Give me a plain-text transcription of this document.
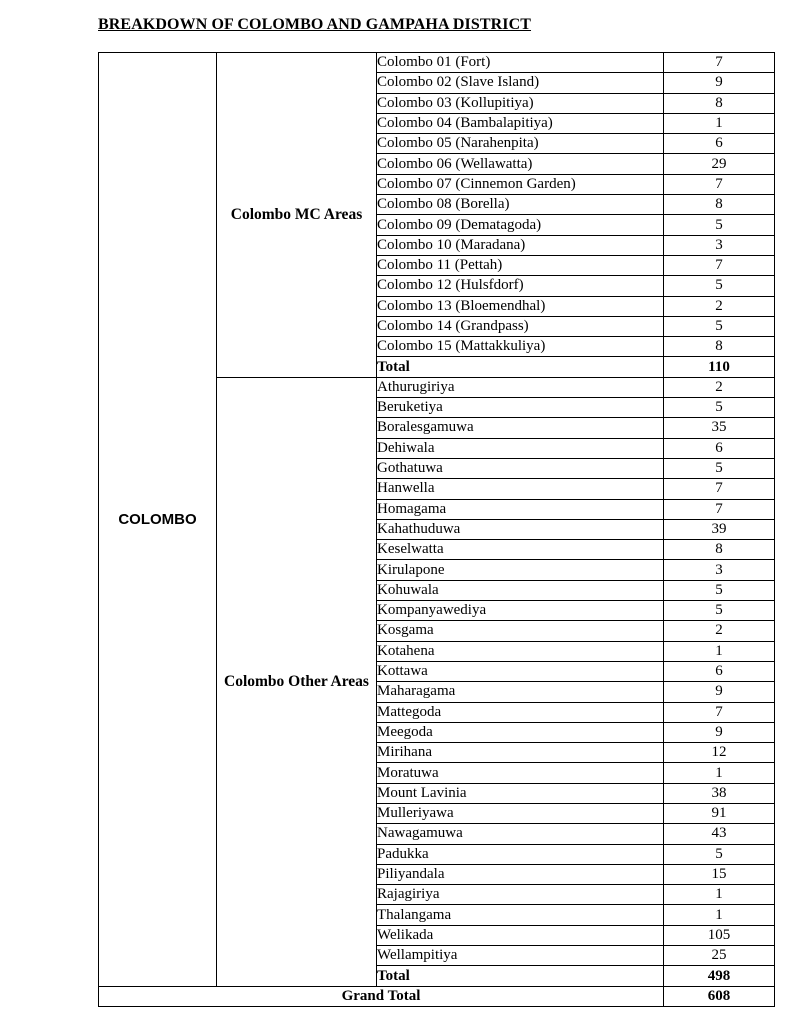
BREAKDOWN OF COLOMBO AND GAMPAHA DISTRICT
COLOMBO	Colombo MC Areas	Colombo 01 (Fort)	7
		Colombo 02 (Slave Island)	9
		Colombo 03 (Kollupitiya)	8
		Colombo 04 (Bambalapitiya)	1
		Colombo 05 (Narahenpita)	6
		Colombo 06 (Wellawatta)	29
		Colombo 07 (Cinnemon Garden)	7
		Colombo 08 (Borella)	8
		Colombo 09 (Dematagoda)	5
		Colombo 10 (Maradana)	3
		Colombo 11 (Pettah)	7
		Colombo 12 (Hulsfdorf)	5
		Colombo 13 (Bloemendhal)	2
		Colombo 14 (Grandpass)	5
		Colombo 15 (Mattakkuliya)	8
		Total	110
	Colombo Other Areas	Athurugiriya	2
		Beruketiya	5
		Boralesgamuwa	35
		Dehiwala	6
		Gothatuwa	5
		Hanwella	7
		Homagama	7
		Kahathuduwa	39
		Keselwatta	8
		Kirulapone	3
		Kohuwala	5
		Kompanyawediya	5
		Kosgama	2
		Kotahena	1
		Kottawa	6
		Maharagama	9
		Mattegoda	7
		Meegoda	9
		Mirihana	12
		Moratuwa	1
		Mount Lavinia	38
		Mulleriyawa	91
		Nawagamuwa	43
		Padukka	5
		Piliyandala	15
		Rajagiriya	1
		Thalangama	1
		Welikada	105
		Wellampitiya	25
		Total	498
Grand Total			608
